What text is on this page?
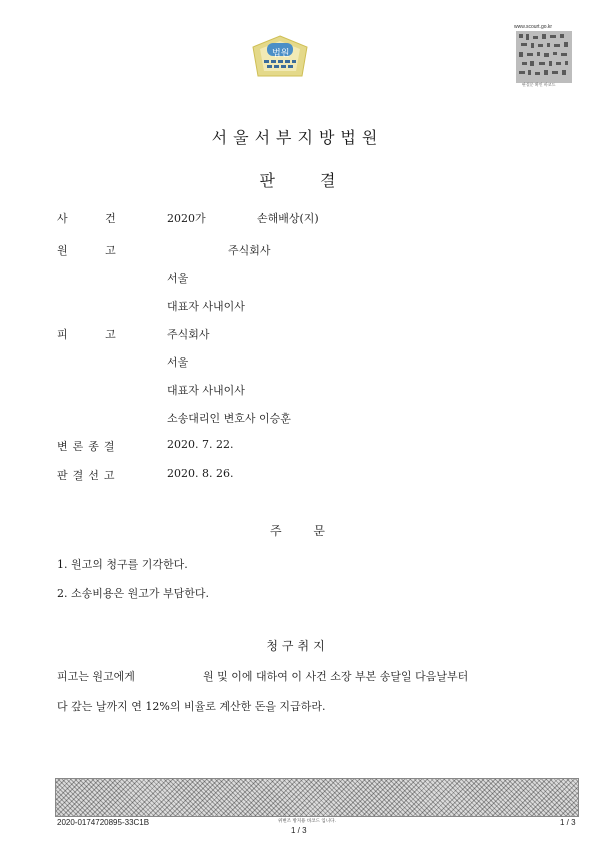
법원
www.scourt.go.kr
판결문 확인 바코드
서울서부지방법원
판 결
사 건	2020가	손해배상(지)
원 고	주식회사
서울
대표자 사내이사
피 고	주식회사
서울
대표자 사내이사
소송대리인 변호사 이승훈
변론종결	2020. 7. 22.
판결선고	2020. 8. 26.
주 문
1. 원고의 청구를 기각한다.
2. 소송비용은 원고가 부담한다.
청구취지
피고는 원고에게	원 및 이에 대하여 이 사건 소장 부본 송달일 다음날부터
다 갚는 날까지 연 12%의 비율로 계산한 돈을 지급하라.
2020-0174720895-33C1B	위변조 방지용 바코드 입니다.
1 / 3
1 / 3
